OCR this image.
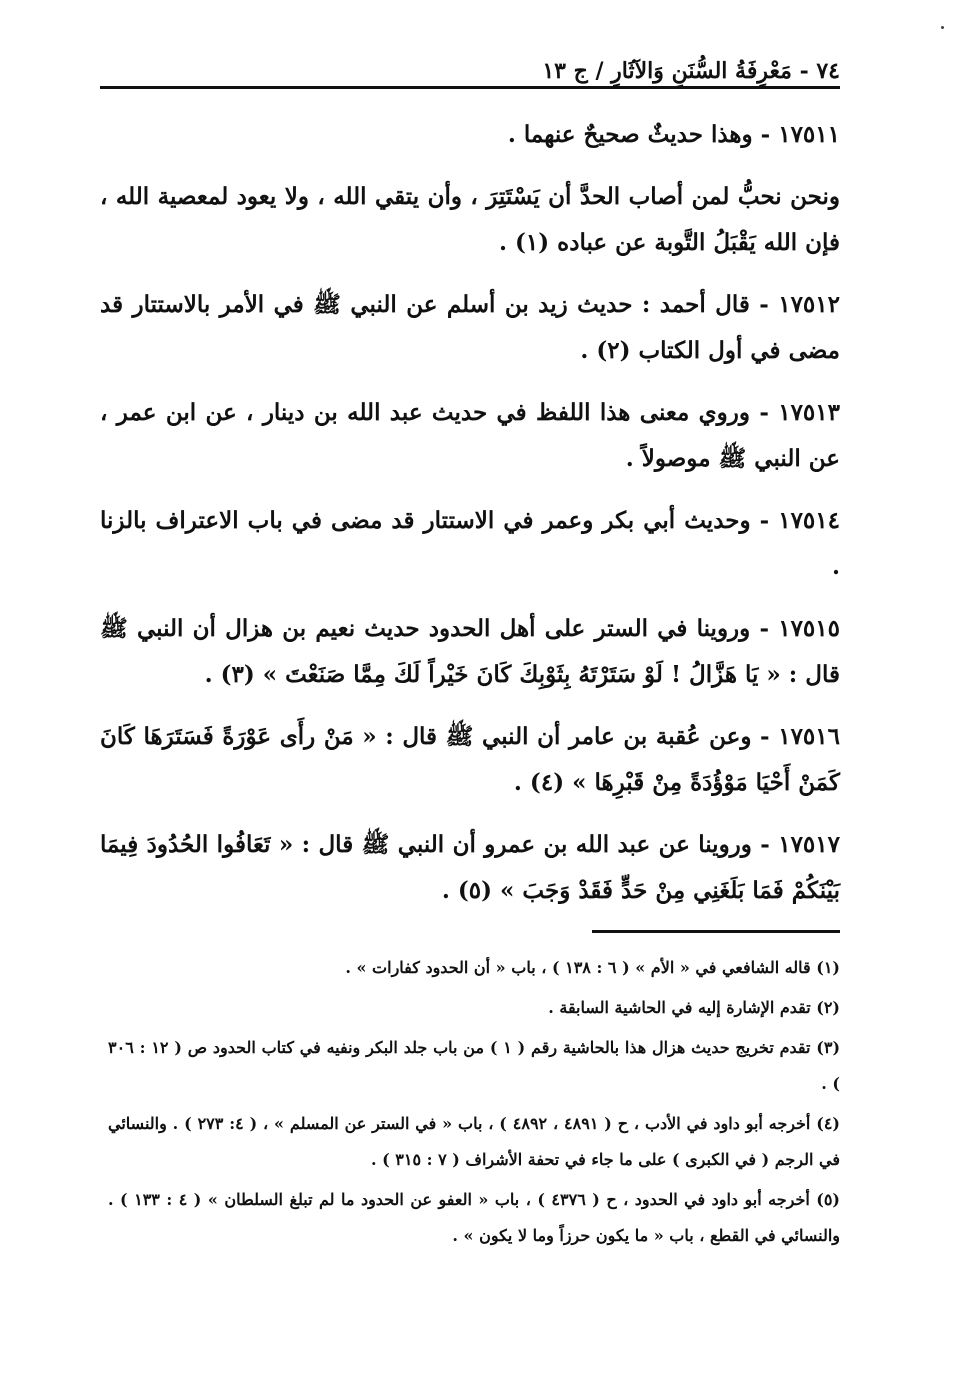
٧٤ - مَعْرِفَةُ السُّنَنِ وَالآثَارِ / ج ١٣

١٧٥١١ - وهذا حديثٌ صحيحٌ عنهما .

ونحن نحبُّ لمن أصاب الحدَّ أن يَسْتَتِرَ ، وأن يتقي الله ، ولا يعود لمعصية الله ، فإن الله يَقْبَلُ التَّوبة عن عباده (١) .

١٧٥١٢ - قال أحمد : حديث زيد بن أسلم عن النبي ﷺ في الأمر بالاستتار قد مضى في أول الكتاب (٢) .

١٧٥١٣ - وروي معنى هذا اللفظ في حديث عبد الله بن دينار ، عن ابن عمر ، عن النبي ﷺ موصولاً .

١٧٥١٤ - وحديث أبي بكر وعمر في الاستتار قد مضى في باب الاعتراف بالزنا .

١٧٥١٥ - وروينا في الستر على أهل الحدود حديث نعيم بن هزال أن النبي ﷺ قال : « يَا هَزَّالُ ! لَوْ سَتَرْتَهُ بِثَوْبِكَ كَانَ خَيْراً لَكَ مِمَّا صَنَعْتَ » (٣) .

١٧٥١٦ - وعن عُقبة بن عامر أن النبي ﷺ قال : « مَنْ رأَى عَوْرَةً فَسَتَرَهَا كَانَ كَمَنْ أَحْيَا مَوْؤُدَةً مِنْ قَبْرِهَا » (٤) .

١٧٥١٧ - وروينا عن عبد الله بن عمرو أن النبي ﷺ قال : « تَعَافُوا الحُدُودَ فِيمَا بَيْنَكُمْ فَمَا بَلَغَنِي مِنْ حَدٍّ فَقَدْ وَجَبَ » (٥) .

(١) قاله الشافعي في « الأم » ( ٦ : ١٣٨ ) ، باب « أن الحدود كفارات » .

(٢) تقدم الإشارة إليه في الحاشية السابقة .

(٣) تقدم تخريج حديث هزال هذا بالحاشية رقم ( ١ ) من باب جلد البكر ونفيه في كتاب الحدود ص ( ١٢ : ٣٠٦ ) .

(٤) أخرجه أبو داود في الأدب ، ح ( ٤٨٩١ ، ٤٨٩٢ ) ، باب « في الستر عن المسلم » ، ( ٤: ٢٧٣ ) . والنسائي في الرجم ( في الكبرى ) على ما جاء في تحفة الأشراف ( ٧ : ٣١٥ ) .

(٥) أخرجه أبو داود في الحدود ، ح ( ٤٣٧٦ ) ، باب « العفو عن الحدود ما لم تبلغ السلطان » ( ٤ : ١٣٣ ) . والنسائي في القطع ، باب « ما يكون حرزاً وما لا يكون » .
